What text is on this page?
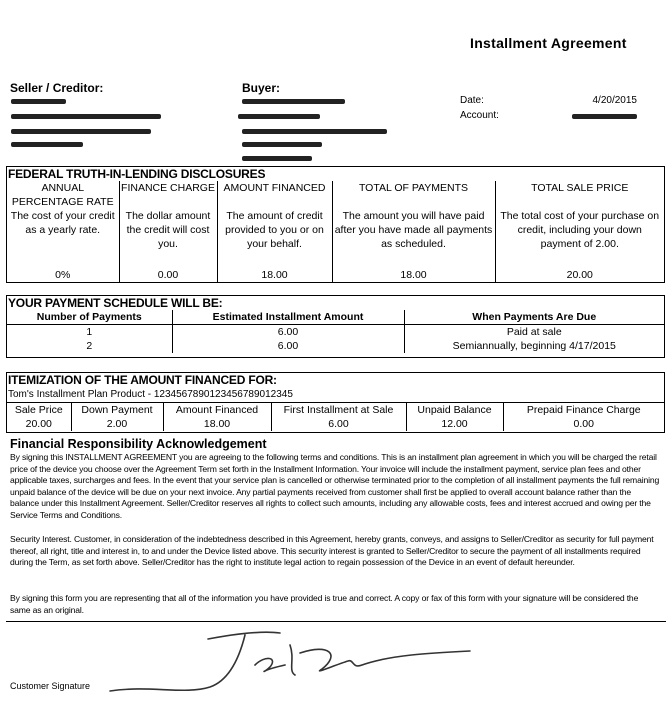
Installment Agreement
Seller / Creditor:	Buyer:
Date:	4/20/2015
Account:
FEDERAL TRUTH-IN-LENDING DISCLOSURES
ANNUAL PERCENTAGE RATE	FINANCE CHARGE	AMOUNT FINANCED	TOTAL OF PAYMENTS	TOTAL SALE PRICE
The cost of your credit as a yearly rate.	The dollar amount the credit will cost you.	The amount of credit provided to you or on your behalf.	The amount you will have paid after you have made all payments as scheduled.	The total cost of your purchase on credit, including your down payment of 2.00.
0%	0.00	18.00	18.00	20.00
YOUR PAYMENT SCHEDULE WILL BE:
Number of Payments	Estimated Installment Amount	When Payments Are Due
1	6.00	Paid at sale
2	6.00	Semiannually, beginning 4/17/2015
ITEMIZATION OF THE AMOUNT FINANCED FOR:
Tom's Installment Plan Product - 1234567890123456789012345
Sale Price	Down Payment	Amount Financed	First Installment at Sale	Unpaid Balance	Prepaid Finance Charge
20.00	2.00	18.00	6.00	12.00	0.00
Financial Responsibility Acknowledgement
By signing this INSTALLMENT AGREEMENT you are agreeing to the following terms and conditions. This is an installment plan agreement in which you will be charged the retail price of the device you choose over the Agreement Term set forth in the Installment Information. Your invoice will include the installment payment, service plan fees and other applicable taxes, surcharges and fees. In the event that your service plan is cancelled or otherwise terminated prior to the completion of all installment payments the full remaining unpaid balance of the device will be due on your next invoice. Any partial payments received from customer shall first be applied to overall account balance rather than the balance under this Installment Agreement. Seller/Creditor reserves all rights to collect such amounts, including any allowable costs, fees and interest accrued and owing per the Service Terms and Conditions.
Security Interest. Customer, in consideration of the indebtedness described in this Agreement, hereby grants, conveys, and assigns to Seller/Creditor as security for full payment thereof, all right, title and interest in, to and under the Device listed above. This security interest is granted to Seller/Creditor to secure the payment of all installments required during the Term, as set forth above. Seller/Creditor has the right to institute legal action to regain possession of the Device in an event of default hereunder.
By signing this form you are representing that all of the information you have provided is true and correct. A copy or fax of this form with your signature will be considered the same as an original.
Customer Signature
